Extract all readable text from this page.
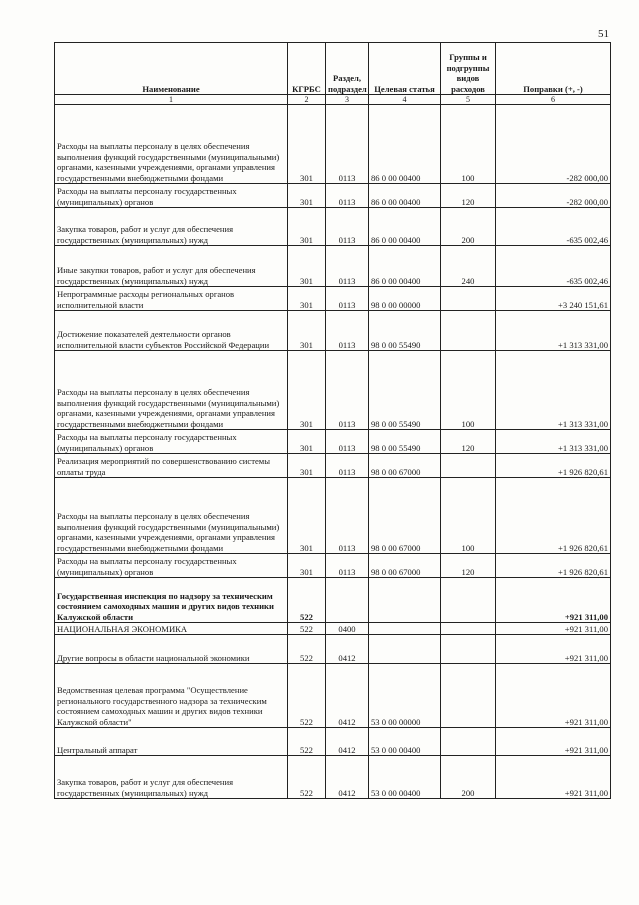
51
Наименование	КГРБС	Раздел, подраздел	Целевая статья	Группы и подгруппы видов расходов	Поправки (+, -)
1	2	3	4	5	6
Расходы на выплаты персоналу в целях обеспечения выполнения функций государственными (муниципальными) органами, казенными учреждениями, органами управления государственными внебюджетными фондами	301	0113	86 0 00 00400	100	-282 000,00
Расходы на выплаты персоналу государственных (муниципальных) органов	301	0113	86 0 00 00400	120	-282 000,00
Закупка товаров, работ и услуг для обеспечения государственных (муниципальных) нужд	301	0113	86 0 00 00400	200	-635 002,46
Иные закупки товаров, работ и услуг для обеспечения государственных (муниципальных) нужд	301	0113	86 0 00 00400	240	-635 002,46
Непрограммные расходы региональных органов исполнительной власти	301	0113	98 0 00 00000		+3 240 151,61
Достижение показателей деятельности органов исполнительной власти субъектов Российской Федерации	301	0113	98 0 00 55490		+1 313 331,00
Расходы на выплаты персоналу в целях обеспечения выполнения функций государственными (муниципальными) органами, казенными учреждениями, органами управления государственными внебюджетными фондами	301	0113	98 0 00 55490	100	+1 313 331,00
Расходы на выплаты персоналу государственных (муниципальных) органов	301	0113	98 0 00 55490	120	+1 313 331,00
Реализация мероприятий по совершенствованию системы оплаты труда	301	0113	98 0 00 67000		+1 926 820,61
Расходы на выплаты персоналу в целях обеспечения выполнения функций государственными (муниципальными) органами, казенными учреждениями, органами управления государственными внебюджетными фондами	301	0113	98 0 00 67000	100	+1 926 820,61
Расходы на выплаты персоналу государственных (муниципальных) органов	301	0113	98 0 00 67000	120	+1 926 820,61
Государственная инспекция по надзору за техническим состоянием самоходных машин и других видов техники Калужской области	522				+921 311,00
НАЦИОНАЛЬНАЯ ЭКОНОМИКА	522	0400			+921 311,00
Другие вопросы в области национальной экономики	522	0412			+921 311,00
Ведомственная целевая программа "Осуществление регионального государственного надзора за техническим состоянием самоходных машин и других видов техники Калужской области"	522	0412	53 0 00 00000		+921 311,00
Центральный аппарат	522	0412	53 0 00 00400		+921 311,00
Закупка товаров, работ и услуг для обеспечения государственных (муниципальных) нужд	522	0412	53 0 00 00400	200	+921 311,00
